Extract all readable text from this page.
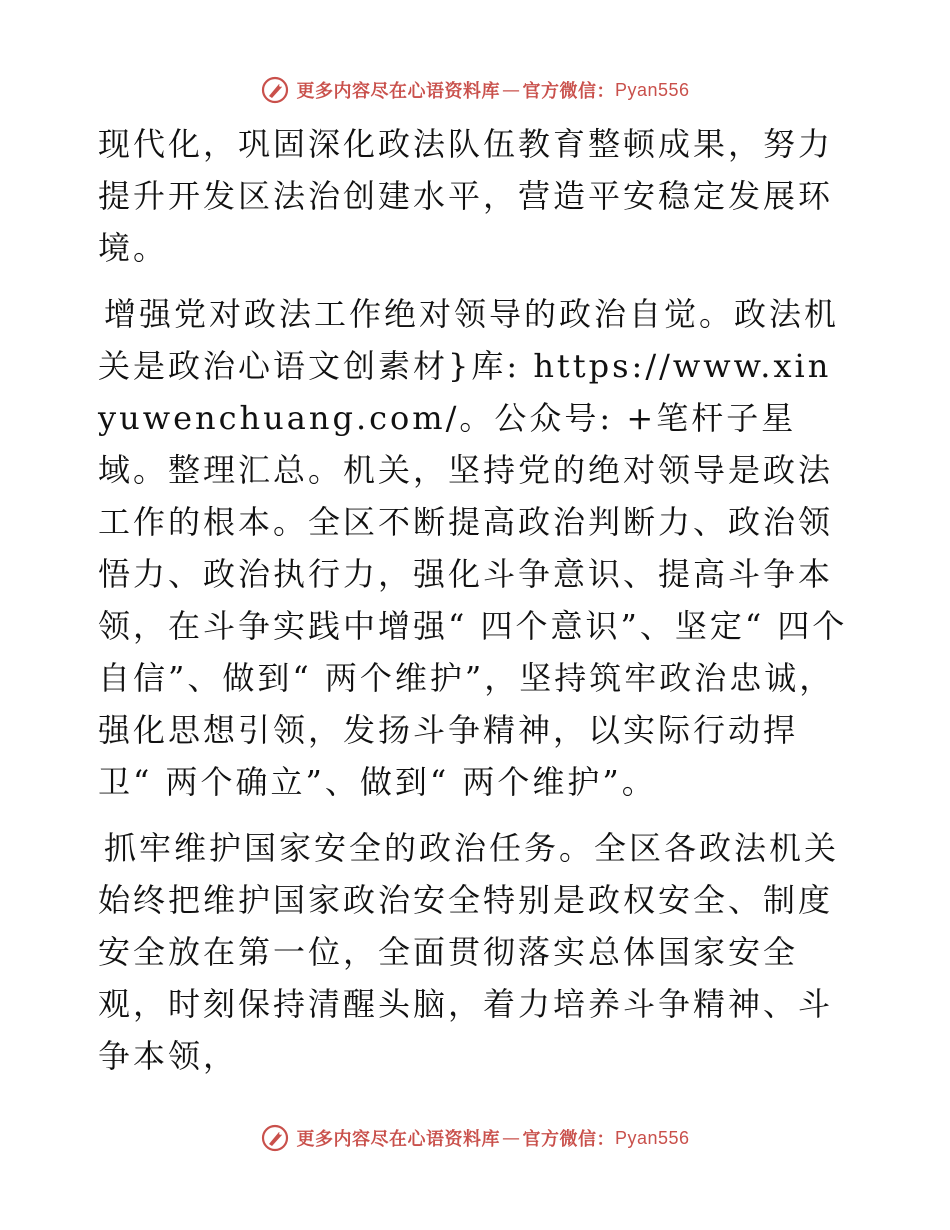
更多内容尽在心语资料库 — 官方微信： Pyan556

现代化，巩固深化政法队伍教育整顿成果，努力提升开发区法治创建水平，营造平安稳定发展环境。

增强党对政法工作绝对领导的政治自觉。政法机关是政治心语文创素材}库: https://www.xinyuwenchuang.com/。公众号: +笔杆子星域。整理汇总。机关，坚持党的绝对领导是政法工作的根本。全区不断提高政治判断力、政治领悟力、政治执行力，强化斗争意识、提高斗争本领，在斗争实践中增强“ 四个意识”、坚定“ 四个自信”、做到“ 两个维护”，坚持筑牢政治忠诚，强化思想引领，发扬斗争精神，以实际行动捍卫“ 两个确立”、做到“ 两个维护”。

抓牢维护国家安全的政治任务。全区各政法机关始终把维护国家政治安全特别是政权安全、制度安全放在第一位，全面贯彻落实总体国家安全观，时刻保持清醒头脑，着力培养斗争精神、斗争本领，

更多内容尽在心语资料库 — 官方微信： Pyan556
